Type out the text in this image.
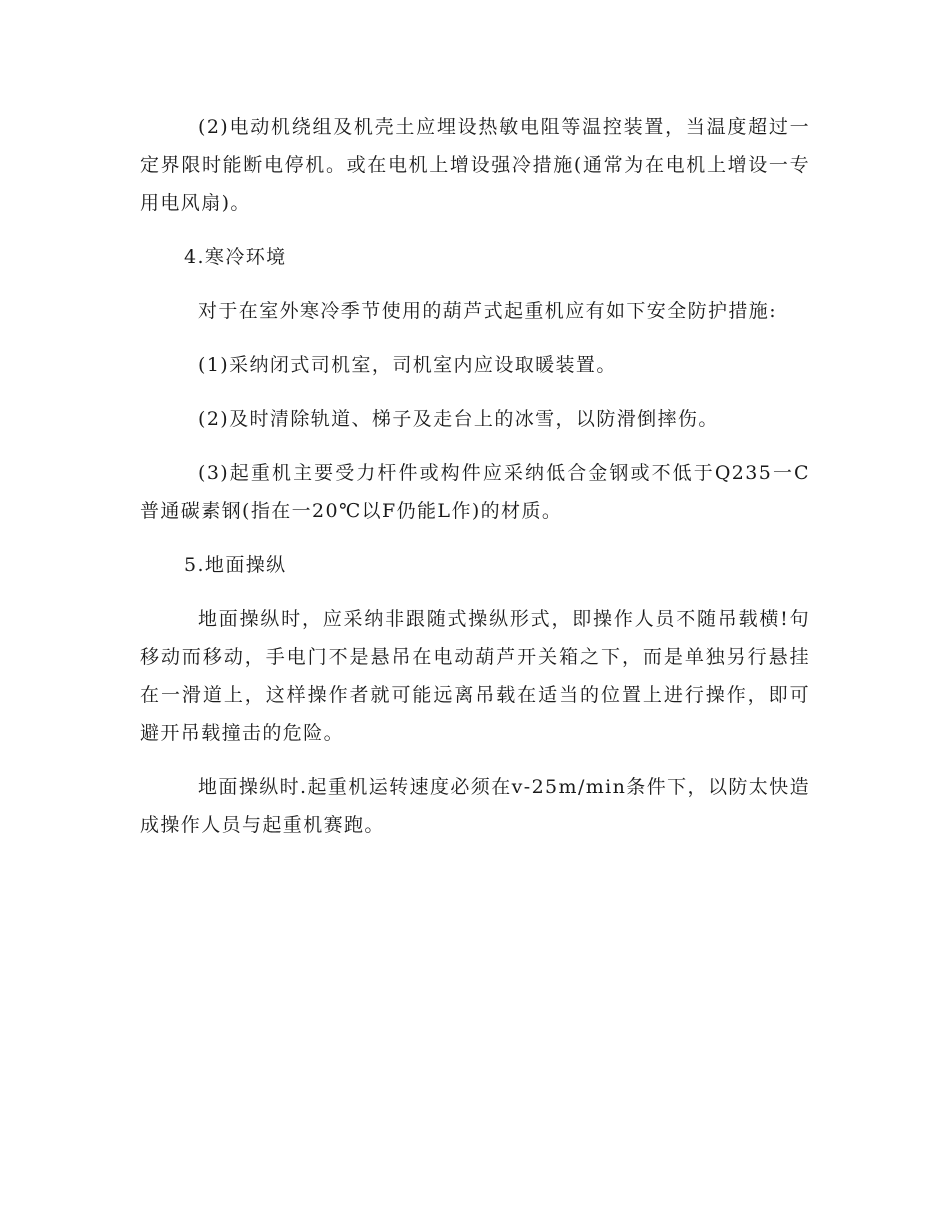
(2)电动机绕组及机壳土应埋设热敏电阻等温控装置，当温度超过一定界限时能断电停机。或在电机上增设强冷措施(通常为在电机上增设一专用电风扇)。

4.寒冷环境

对于在室外寒冷季节使用的葫芦式起重机应有如下安全防护措施:

(1)采纳闭式司机室，司机室内应设取暖装置。

(2)及时清除轨道、梯子及走台上的冰雪，以防滑倒摔伤。

(3)起重机主要受力杆件或构件应采纳低合金钢或不低于Q235一C普通碳素钢(指在一20℃以F仍能L作)的材质。

5.地面操纵

地面操纵时，应采纳非跟随式操纵形式，即操作人员不随吊载横!句移动而移动，手电门不是悬吊在电动葫芦开关箱之下，而是单独另行悬挂在一滑道上，这样操作者就可能远离吊载在适当的位置上进行操作，即可避开吊载撞击的危险。

地面操纵时.起重机运转速度必须在v-25m/min条件下，以防太快造成操作人员与起重机赛跑。
